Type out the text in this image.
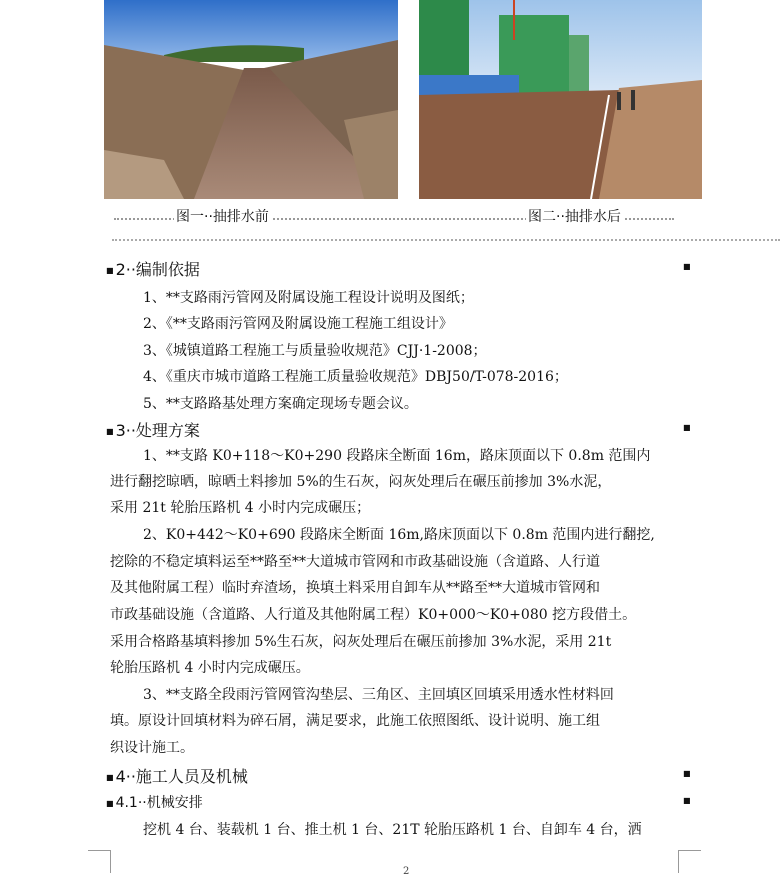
图一··抽排水前	图二··抽排水后
■ 2··编制依据	■
1、**支路雨污管网及附属设施工程设计说明及图纸；
2、《**支路雨污管网及附属设施工程施工组设计》
3、《城镇道路工程施工与质量验收规范》CJJ·1-2008；
4、《重庆市城市道路工程施工质量验收规范》DBJ50/T-078-2016；
5、**支路路基处理方案确定现场专题会议。
■ 3··处理方案	■
1、**支路 K0+118～K0+290 段路床全断面 16m，路床顶面以下 0.8m 范围内
进行翻挖晾晒，晾晒土料掺加 5%的生石灰，闷灰处理后在碾压前掺加 3%水泥，
采用 21t 轮胎压路机 4 小时内完成碾压；
2、K0+442～K0+690 段路床全断面 16m,路床顶面以下 0.8m 范围内进行翻挖,
挖除的不稳定填料运至**路至**大道城市管网和市政基础设施（含道路、人行道
及其他附属工程）临时弃渣场，换填土料采用自卸车从**路至**大道城市管网和
市政基础设施（含道路、人行道及其他附属工程）K0+000～K0+080 挖方段借土。
采用合格路基填料掺加 5%生石灰，闷灰处理后在碾压前掺加 3%水泥，采用 21t
轮胎压路机 4 小时内完成碾压。
3、**支路全段雨污管网管沟垫层、三角区、主回填区回填采用透水性材料回
填。原设计回填材料为碎石屑，满足要求，此施工依照图纸、设计说明、施工组
织设计施工。
■ 4··施工人员及机械	■
■ 4.1··机械安排	■
挖机 4 台、装载机 1 台、推土机 1 台、21T 轮胎压路机 1 台、自卸车 4 台，洒
2
